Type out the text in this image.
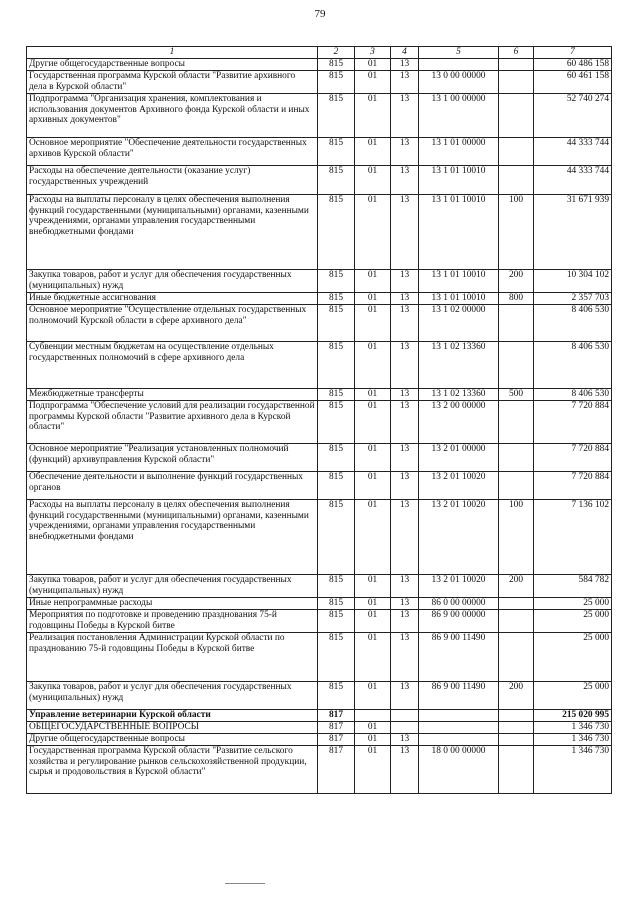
79
1	2	3	4	5	6	7
Другие общегосударственные вопросы	815	01	13			60 486 158
Государственная программа Курской области "Развитие архивного дела в Курской области"	815	01	13	13 0 00 00000		60 461 158
Подпрограмма "Организация хранения, комплектования и использования документов Архивного фонда Курской области и иных архивных документов"	815	01	13	13 1 00 00000		52 740 274
Основное мероприятие "Обеспечение деятельности государственных архивов Курской области"	815	01	13	13 1 01 00000		44 333 744
Расходы на обеспечение деятельности (оказание услуг) государственных учреждений	815	01	13	13 1 01 10010		44 333 744
Расходы на выплаты персоналу в целях обеспечения выполнения функций государственными (муниципальными) органами, казенными учреждениями, органами управления государственными внебюджетными фондами	815	01	13	13 1 01 10010	100	31 671 939
Закупка товаров, работ и услуг для обеспечения государственных (муниципальных) нужд	815	01	13	13 1 01 10010	200	10 304 102
Иные бюджетные ассигнования	815	01	13	13 1 01 10010	800	2 357 703
Основное мероприятие "Осуществление отдельных государственных полномочий Курской области в сфере архивного дела"	815	01	13	13 1 02 00000		8 406 530
Субвенции местным бюджетам на осуществление отдельных государственных полномочий в сфере архивного дела	815	01	13	13 1 02 13360		8 406 530
Межбюджетные трансферты	815	01	13	13 1 02 13360	500	8 406 530
Подпрограмма "Обеспечение условий для реализации государственной программы Курской области "Развитие архивного дела в Курской области"	815	01	13	13 2 00 00000		7 720 884
Основное мероприятие "Реализация установленных полномочий (функций) архивуправления Курской области"	815	01	13	13 2 01 00000		7 720 884
Обеспечение деятельности и выполнение функций государственных органов	815	01	13	13 2 01 10020		7 720 884
Расходы на выплаты персоналу в целях обеспечения выполнения функций государственными (муниципальными) органами, казенными учреждениями, органами управления государственными внебюджетными фондами	815	01	13	13 2 01 10020	100	7 136 102
Закупка товаров, работ и услуг для обеспечения государственных (муниципальных) нужд	815	01	13	13 2 01 10020	200	584 782
Иные непрограммные расходы	815	01	13	86 0 00 00000		25 000
Мероприятия по подготовке и проведению празднования 75-й годовщины Победы в Курской битве	815	01	13	86 9 00 00000		25 000
Реализация постановления Администрации Курской области по празднованию 75-й годовщины Победы в Курской битве	815	01	13	86 9 00 11490		25 000
Закупка товаров, работ и услуг для обеспечения государственных (муниципальных) нужд	815	01	13	86 9 00 11490	200	25 000
Управление ветеринарии Курской области	817					215 020 995
ОБЩЕГОСУДАРСТВЕННЫЕ ВОПРОСЫ	817	01				1 346 730
Другие общегосударственные вопросы	817	01	13			1 346 730
Государственная программа Курской области "Развитие сельского хозяйства и регулирование рынков сельскохозяйственной продукции, сырья и продовольствия в Курской области"	817	01	13	18 0 00 00000		1 346 730
